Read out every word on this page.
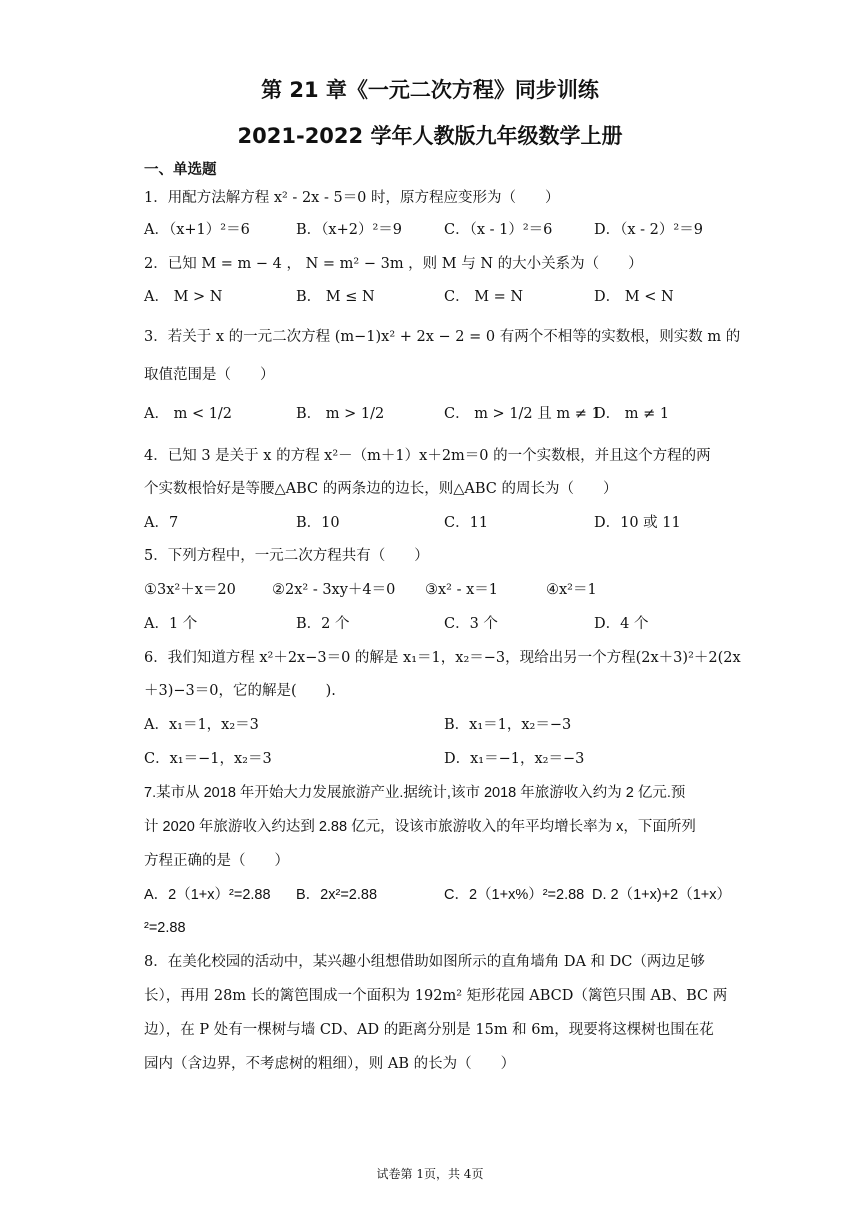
第 21 章《一元二次方程》同步训练
2021-2022 学年人教版九年级数学上册
一、单选题
1．用配方法解方程 x² - 2x - 5＝0 时，原方程应变形为（　　）
A．（x+1）²＝6	B．（x+2）²＝9	C．（x - 1）²＝6	D．（x - 2）²＝9
2．已知 M = m − 4 ， N = m² − 3m ，则 M 与 N 的大小关系为（　　）
A． M > N	B． M ≤ N	C． M = N	D． M < N
3．若关于 x 的一元二次方程 (m−1)x² + 2x − 2 = 0 有两个不相等的实数根，则实数 m 的
取值范围是（　　）
A． m < 1/2	B． m > 1/2	C． m > 1/2 且 m ≠ 1
D． m ≠ 1
4．已知 3 是关于 x 的方程 x²－（m＋1）x＋2m＝0 的一个实数根，并且这个方程的两
个实数根恰好是等腰△ABC 的两条边的边长，则△ABC 的周长为（　　）
A．7	B．10	C．11	D．10 或 11
5．下列方程中，一元二次方程共有（　　）
①3x²＋x＝20 ②2x² - 3xy＋4＝0 ③x² - x＝1	④x²＝1
A．1 个	B．2 个	C．3 个	D．4 个
6．我们知道方程 x²＋2x−3＝0 的解是 x₁＝1，x₂＝−3，现给出另一个方程(2x＋3)²＋2(2x
＋3)−3＝0，它的解是(　　).
A．x₁＝1，x₂＝3	B．x₁＝1，x₂＝−3
C．x₁＝−1，x₂＝3	D．x₁＝−1，x₂＝−3
7.某市从 2018 年开始大力发展旅游产业.据统计,该市 2018 年旅游收入约为 2 亿元.预
计 2020 年旅游收入约达到 2.88 亿元，设该市旅游收入的年平均增长率为 x，下面所列
方程正确的是（　　）
A．2（1+x）²=2.88 B．2x²=2.88	C．2（1+x%）²=2.88 D. 2（1+x)+2（1+x）
²=2.88
8．在美化校园的活动中，某兴趣小组想借助如图所示的直角墙角 DA 和 DC（两边足够
长），再用 28m 长的篱笆围成一个面积为 192m² 矩形花园 ABCD（篱笆只围 AB、BC 两
边），在 P 处有一棵树与墙 CD、AD 的距离分别是 15m 和 6m，现要将这棵树也围在花
园内（含边界，不考虑树的粗细），则 AB 的长为（　　）
试卷第 1页，共 4页
